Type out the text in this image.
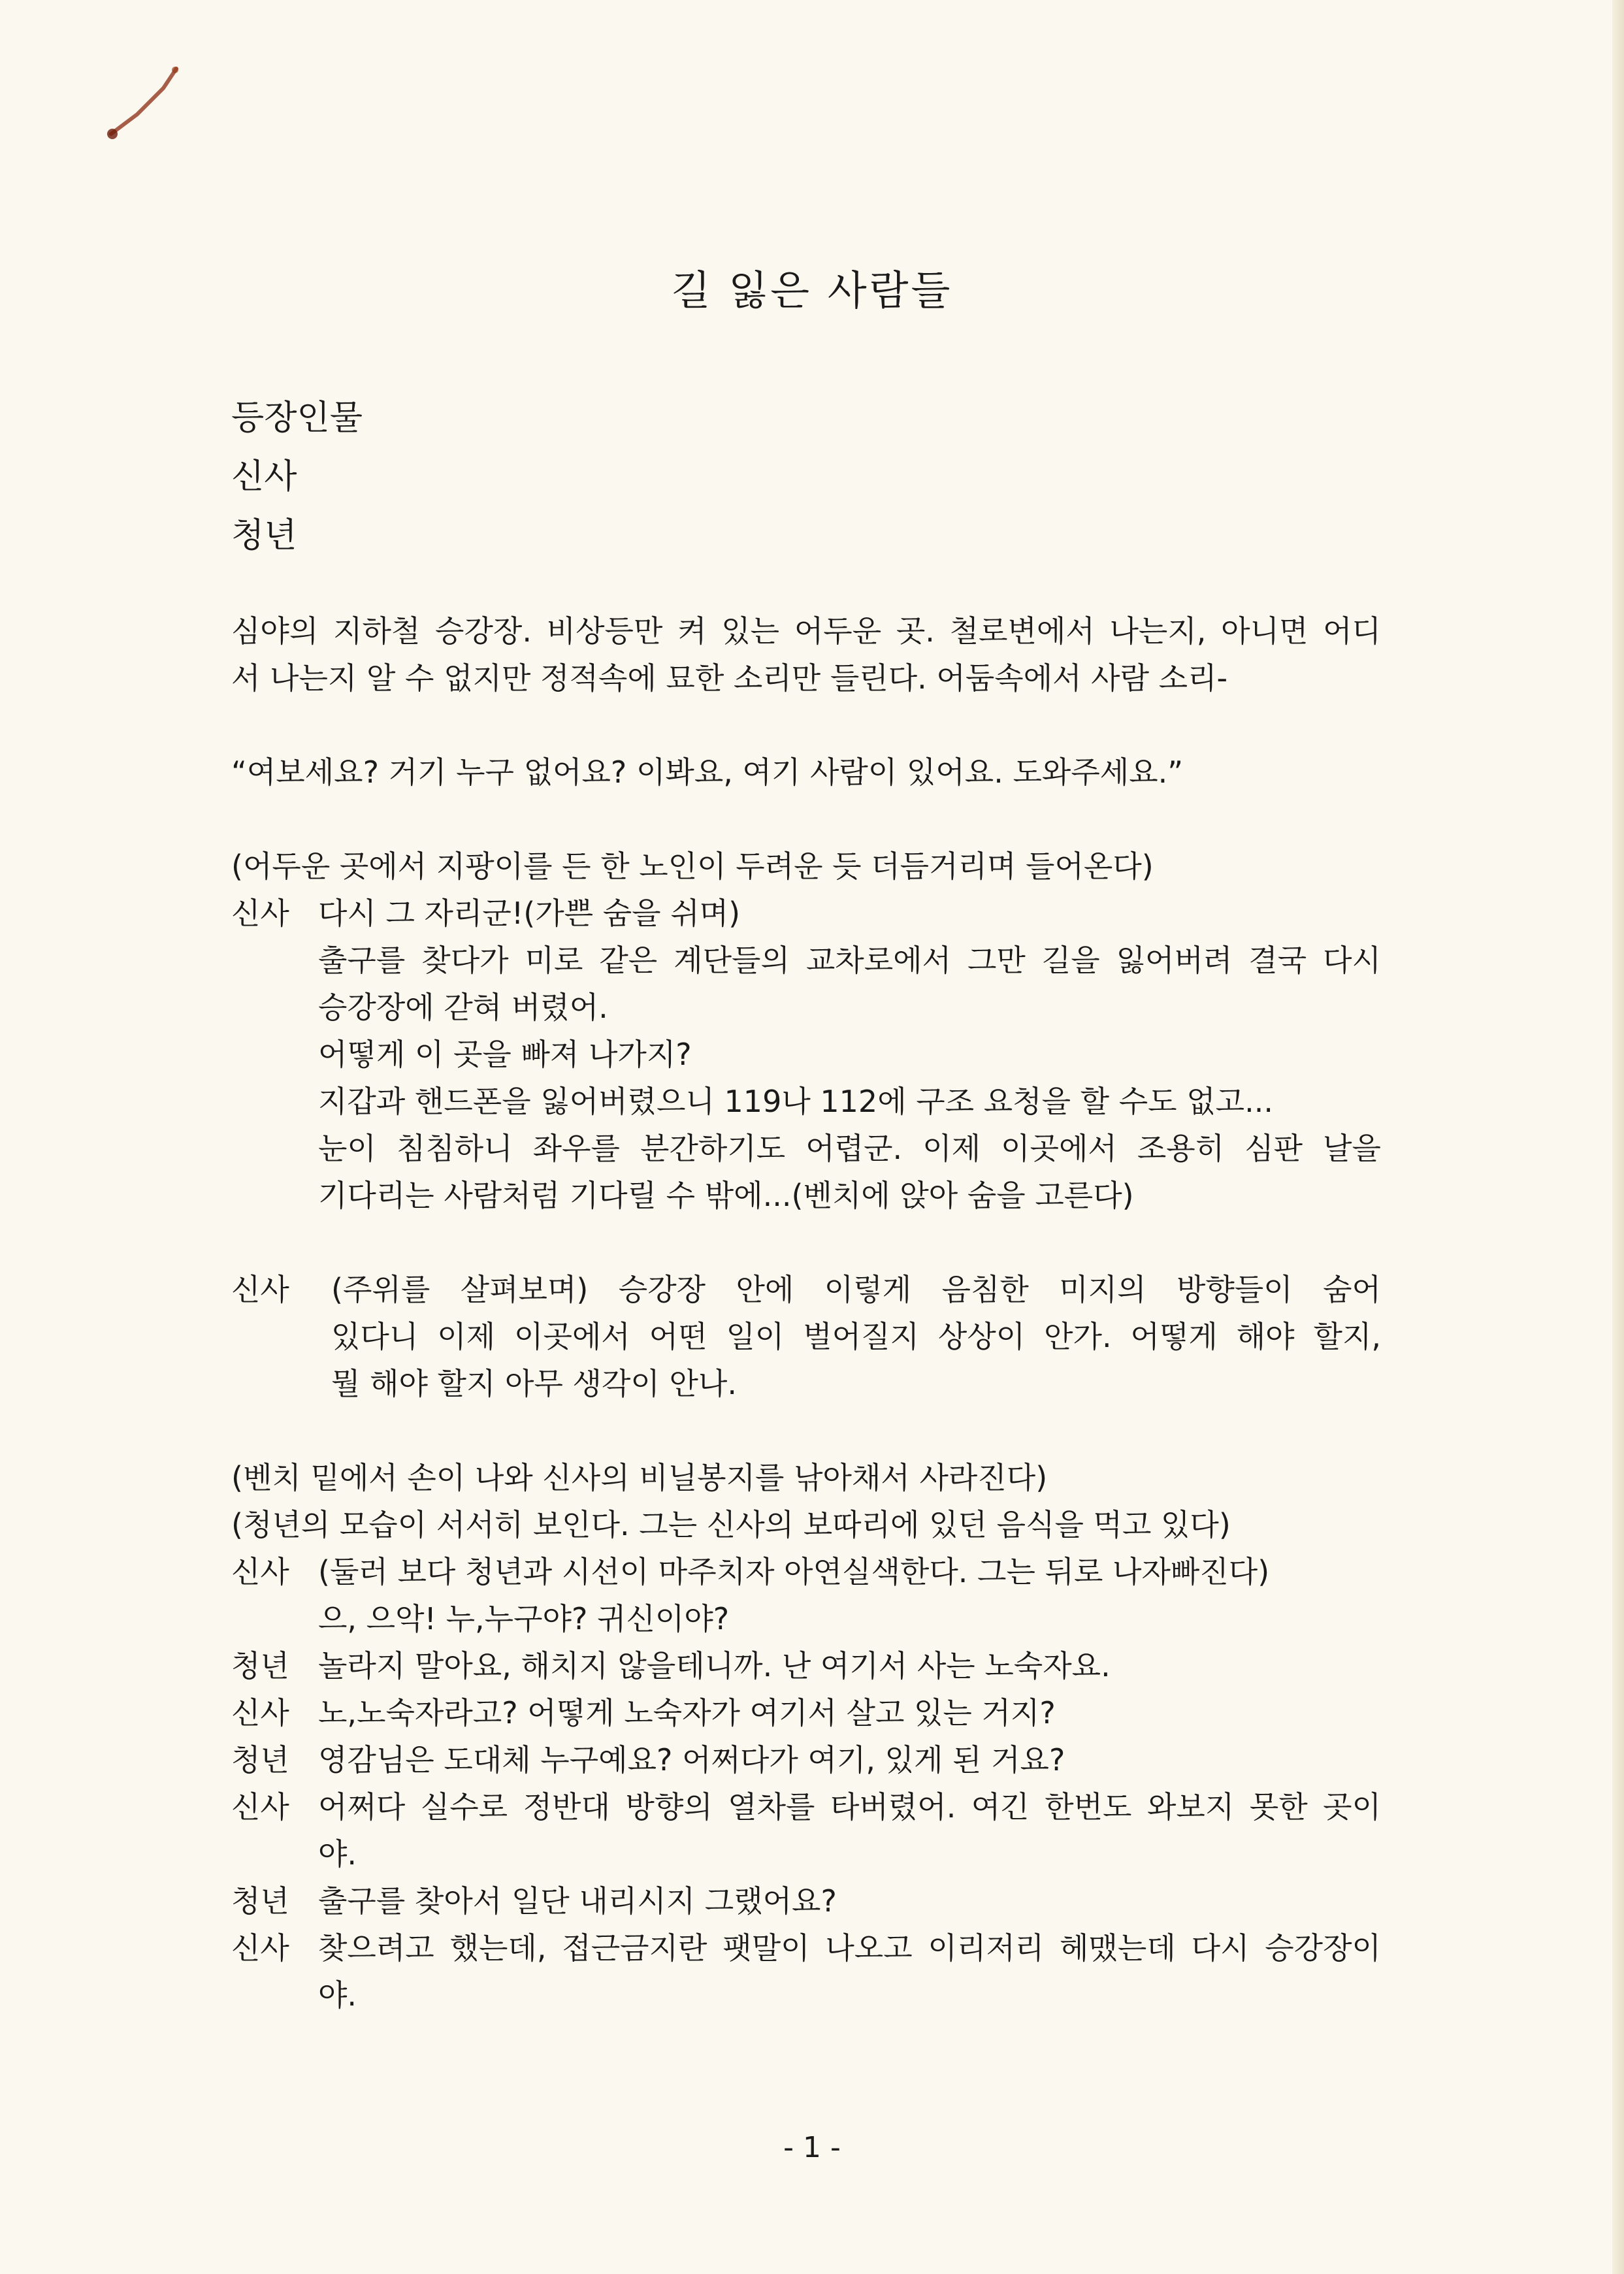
길 잃은 사람들
등장인물
신사
청년
심야의 지하철 승강장. 비상등만 켜 있는 어두운 곳. 철로변에서 나는지, 아니면 어디
서 나는지 알 수 없지만 정적속에 묘한 소리만 들린다. 어둠속에서 사람 소리-
“여보세요? 거기 누구 없어요? 이봐요, 여기 사람이 있어요. 도와주세요.”
(어두운 곳에서 지팡이를 든 한 노인이 두려운 듯 더듬거리며 들어온다)
신사 다시 그 자리군!(가쁜 숨을 쉬며)
출구를 찾다가 미로 같은 계단들의 교차로에서 그만 길을 잃어버려 결국 다시
승강장에 갇혀 버렸어.
어떻게 이 곳을 빠져 나가지?
지갑과 핸드폰을 잃어버렸으니 119나 112에 구조 요청을 할 수도 없고...
눈이 침침하니 좌우를 분간하기도 어렵군. 이제 이곳에서 조용히 심판 날을
기다리는 사람처럼 기다릴 수 밖에...(벤치에 앉아 숨을 고른다)
신사	(주위를 살펴보며) 승강장 안에 이렇게 음침한 미지의 방향들이 숨어
있다니 이제 이곳에서 어떤 일이 벌어질지 상상이 안가. 어떻게 해야 할지,
뭘 해야 할지 아무 생각이 안나.
(벤치 밑에서 손이 나와 신사의 비닐봉지를 낚아채서 사라진다)
(청년의 모습이 서서히 보인다. 그는 신사의 보따리에 있던 음식을 먹고 있다)
신사 (둘러 보다 청년과 시선이 마주치자 아연실색한다. 그는 뒤로 나자빠진다)
으, 으악! 누,누구야? 귀신이야?
청년 놀라지 말아요, 해치지 않을테니까. 난 여기서 사는 노숙자요.
신사 노,노숙자라고? 어떻게 노숙자가 여기서 살고 있는 거지?
청년 영감님은 도대체 누구예요? 어쩌다가 여기, 있게 된 거요?
신사 어쩌다 실수로 정반대 방향의 열차를 타버렸어. 여긴 한번도 와보지 못한 곳이
야.
청년 출구를 찾아서 일단 내리시지 그랬어요?
신사 찾으려고 했는데, 접근금지란 팻말이 나오고 이리저리 헤맸는데 다시 승강장이
야.
- 1 -
